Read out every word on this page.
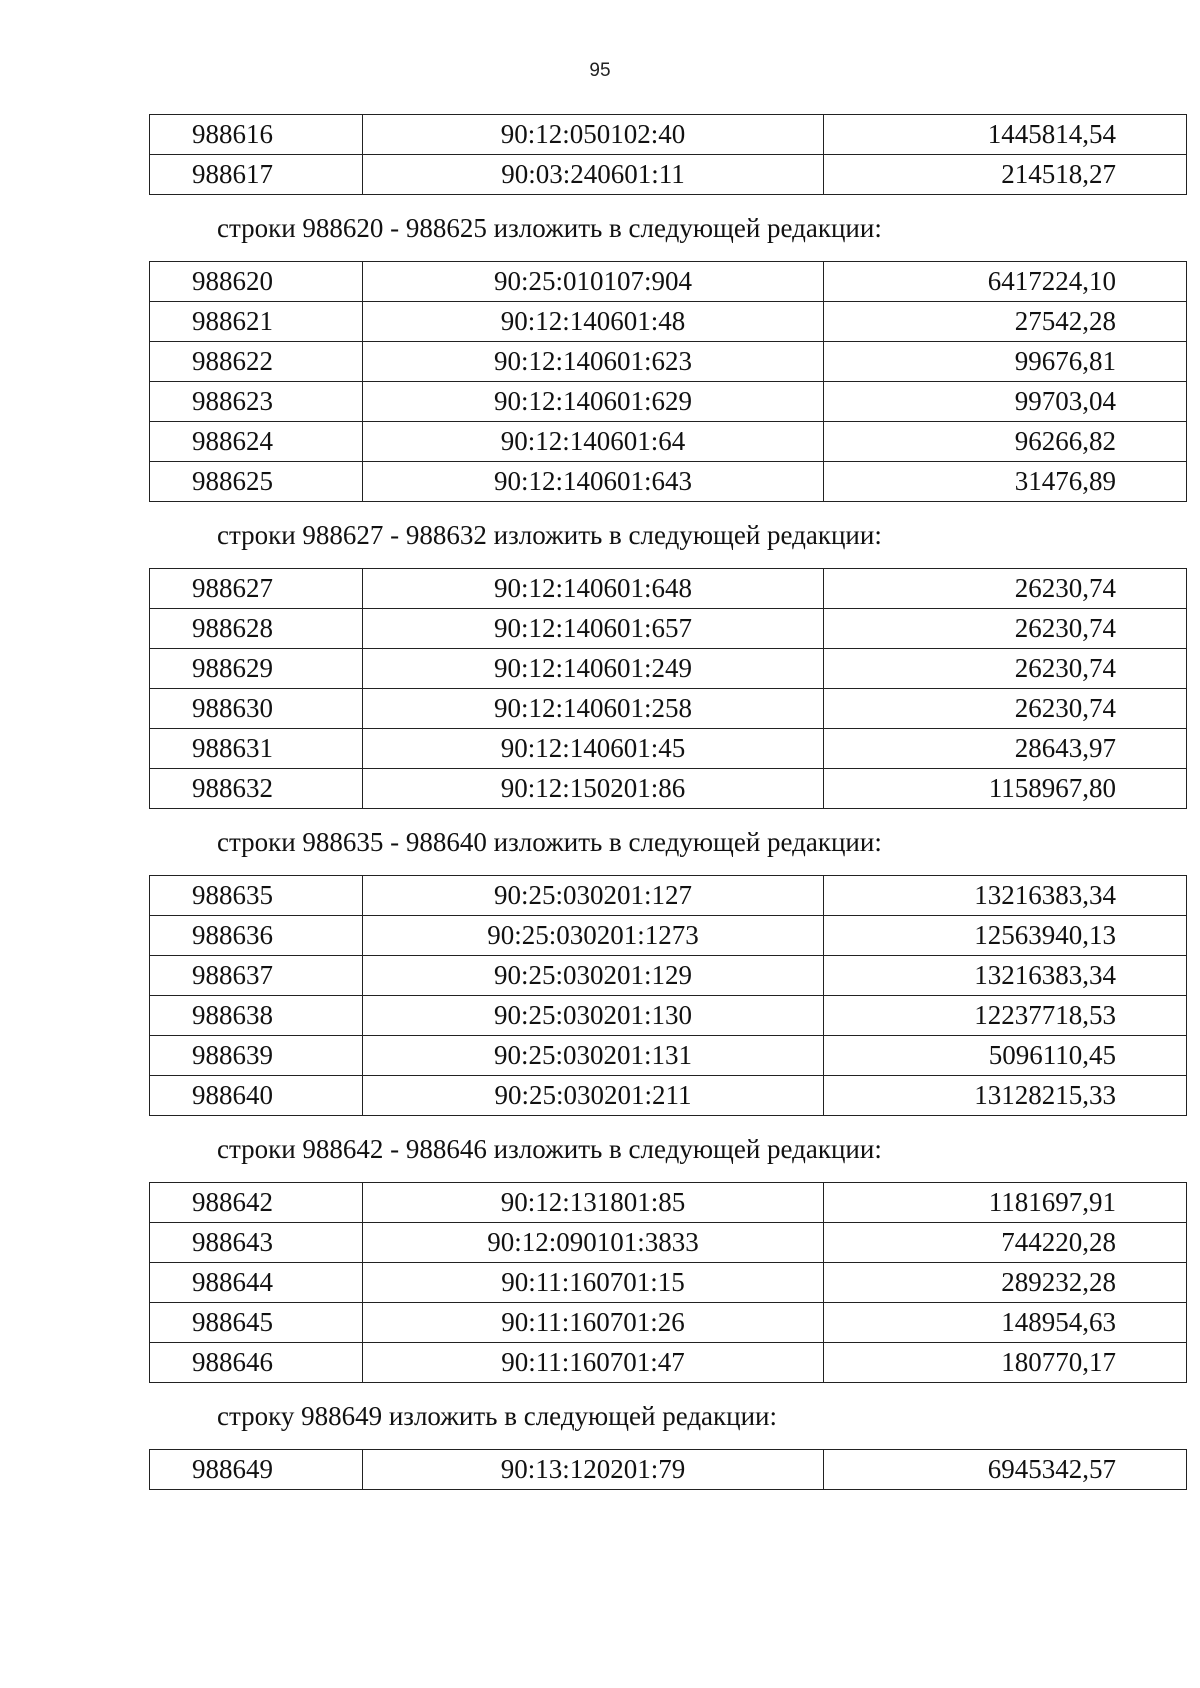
95
988616	90:12:050102:40	1445814,54
988617	90:03:240601:11	214518,27
строки 988620 - 988625 изложить в следующей редакции:
988620	90:25:010107:904	6417224,10
988621	90:12:140601:48	27542,28
988622	90:12:140601:623	99676,81
988623	90:12:140601:629	99703,04
988624	90:12:140601:64	96266,82
988625	90:12:140601:643	31476,89
строки 988627 - 988632 изложить в следующей редакции:
988627	90:12:140601:648	26230,74
988628	90:12:140601:657	26230,74
988629	90:12:140601:249	26230,74
988630	90:12:140601:258	26230,74
988631	90:12:140601:45	28643,97
988632	90:12:150201:86	1158967,80
строки 988635 - 988640 изложить в следующей редакции:
988635	90:25:030201:127	13216383,34
988636	90:25:030201:1273	12563940,13
988637	90:25:030201:129	13216383,34
988638	90:25:030201:130	12237718,53
988639	90:25:030201:131	5096110,45
988640	90:25:030201:211	13128215,33
строки 988642 - 988646 изложить в следующей редакции:
988642	90:12:131801:85	1181697,91
988643	90:12:090101:3833	744220,28
988644	90:11:160701:15	289232,28
988645	90:11:160701:26	148954,63
988646	90:11:160701:47	180770,17
строку 988649 изложить в следующей редакции:
988649	90:13:120201:79	6945342,57
